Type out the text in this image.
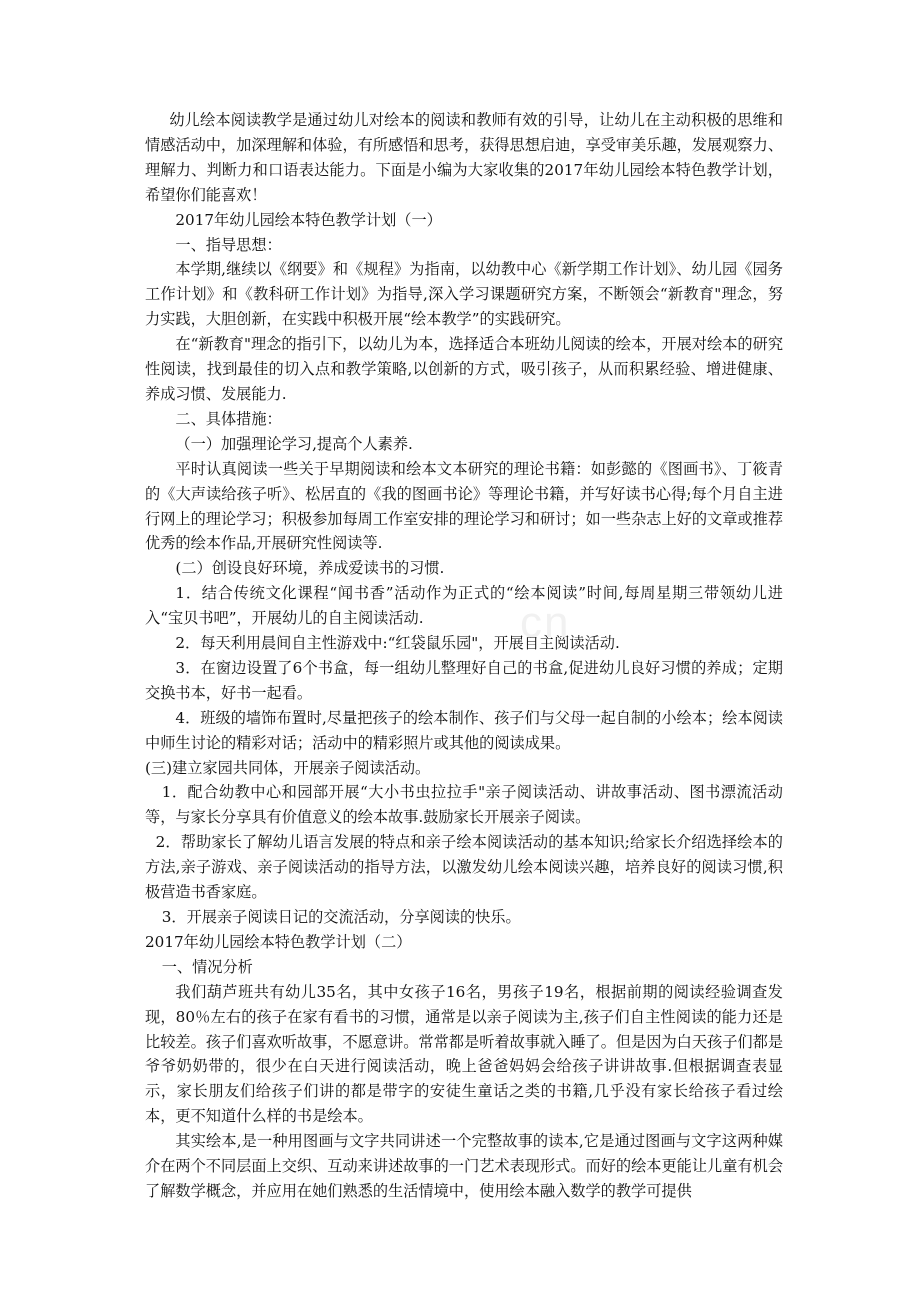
幼儿绘本阅读教学是通过幼儿对绘本的阅读和教师有效的引导，让幼儿在主动积极的思维和情感活动中，加深理解和体验，有所感悟和思考，获得思想启迪，享受审美乐趣，发展观察力、理解力、判断力和口语表达能力。下面是小编为大家收集的2017年幼儿园绘本特色教学计划，希望你们能喜欢！

2017年幼儿园绘本特色教学计划（一）

一、指导思想：

本学期,继续以《纲要》和《规程》为指南，以幼教中心《新学期工作计划》、幼儿园《园务工作计划》和《教科研工作计划》为指导,深入学习课题研究方案，不断领会“新教育"理念，努力实践，大胆创新，在实践中积极开展“绘本教学”的实践研究。

在“新教育"理念的指引下，以幼儿为本，选择适合本班幼儿阅读的绘本，开展对绘本的研究性阅读，找到最佳的切入点和教学策略,以创新的方式，吸引孩子，从而积累经验、增进健康、养成习惯、发展能力.

二、具体措施：

（一）加强理论学习,提高个人素养.

平时认真阅读一些关于早期阅读和绘本文本研究的理论书籍：如彭懿的《图画书》、丁筱青的《大声读给孩子听》、松居直的《我的图画书论》等理论书籍，并写好读书心得;每个月自主进行网上的理论学习；积极参加每周工作室安排的理论学习和研讨；如一些杂志上好的文章或推荐优秀的绘本作品,开展研究性阅读等.

(二）创设良好环境，养成爱读书的习惯.

1．结合传统文化课程“闻书香”活动作为正式的“绘本阅读”时间,每周星期三带领幼儿进入“宝贝书吧”，开展幼儿的自主阅读活动.

2．每天利用晨间自主性游戏中:“红袋鼠乐园"，开展自主阅读活动.

3．在窗边设置了6个书盒，每一组幼儿整理好自己的书盒,促进幼儿良好习惯的养成；定期交换书本，好书一起看。

4．班级的墙饰布置时,尽量把孩子的绘本制作、孩子们与父母一起自制的小绘本；绘本阅读中师生讨论的精彩对话；活动中的精彩照片或其他的阅读成果。

(三)建立家园共同体，开展亲子阅读活动。

1．配合幼教中心和园部开展“大小书虫拉拉手"亲子阅读活动、讲故事活动、图书漂流活动等，与家长分享具有价值意义的绘本故事.鼓励家长开展亲子阅读。

2．帮助家长了解幼儿语言发展的特点和亲子绘本阅读活动的基本知识;给家长介绍选择绘本的方法,亲子游戏、亲子阅读活动的指导方法，以激发幼儿绘本阅读兴趣，培养良好的阅读习惯,积极营造书香家庭。

3．开展亲子阅读日记的交流活动，分享阅读的快乐。

2017年幼儿园绘本特色教学计划（二）

一、情况分析

我们葫芦班共有幼儿35名，其中女孩子16名，男孩子19名，根据前期的阅读经验调查发现，80％左右的孩子在家有看书的习惯，通常是以亲子阅读为主,孩子们自主性阅读的能力还是比较差。孩子们喜欢听故事，不愿意讲。常常都是听着故事就入睡了。但是因为白天孩子们都是爷爷奶奶带的，很少在白天进行阅读活动，晚上爸爸妈妈会给孩子讲讲故事.但根据调查表显示，家长朋友们给孩子们讲的都是带字的安徒生童话之类的书籍,几乎没有家长给孩子看过绘本，更不知道什么样的书是绘本。

其实绘本,是一种用图画与文字共同讲述一个完整故事的读本,它是通过图画与文字这两种媒介在两个不同层面上交织、互动来讲述故事的一门艺术表现形式。而好的绘本更能让儿童有机会了解数学概念，并应用在她们熟悉的生活情境中，使用绘本融入数学的教学可提供

cn
